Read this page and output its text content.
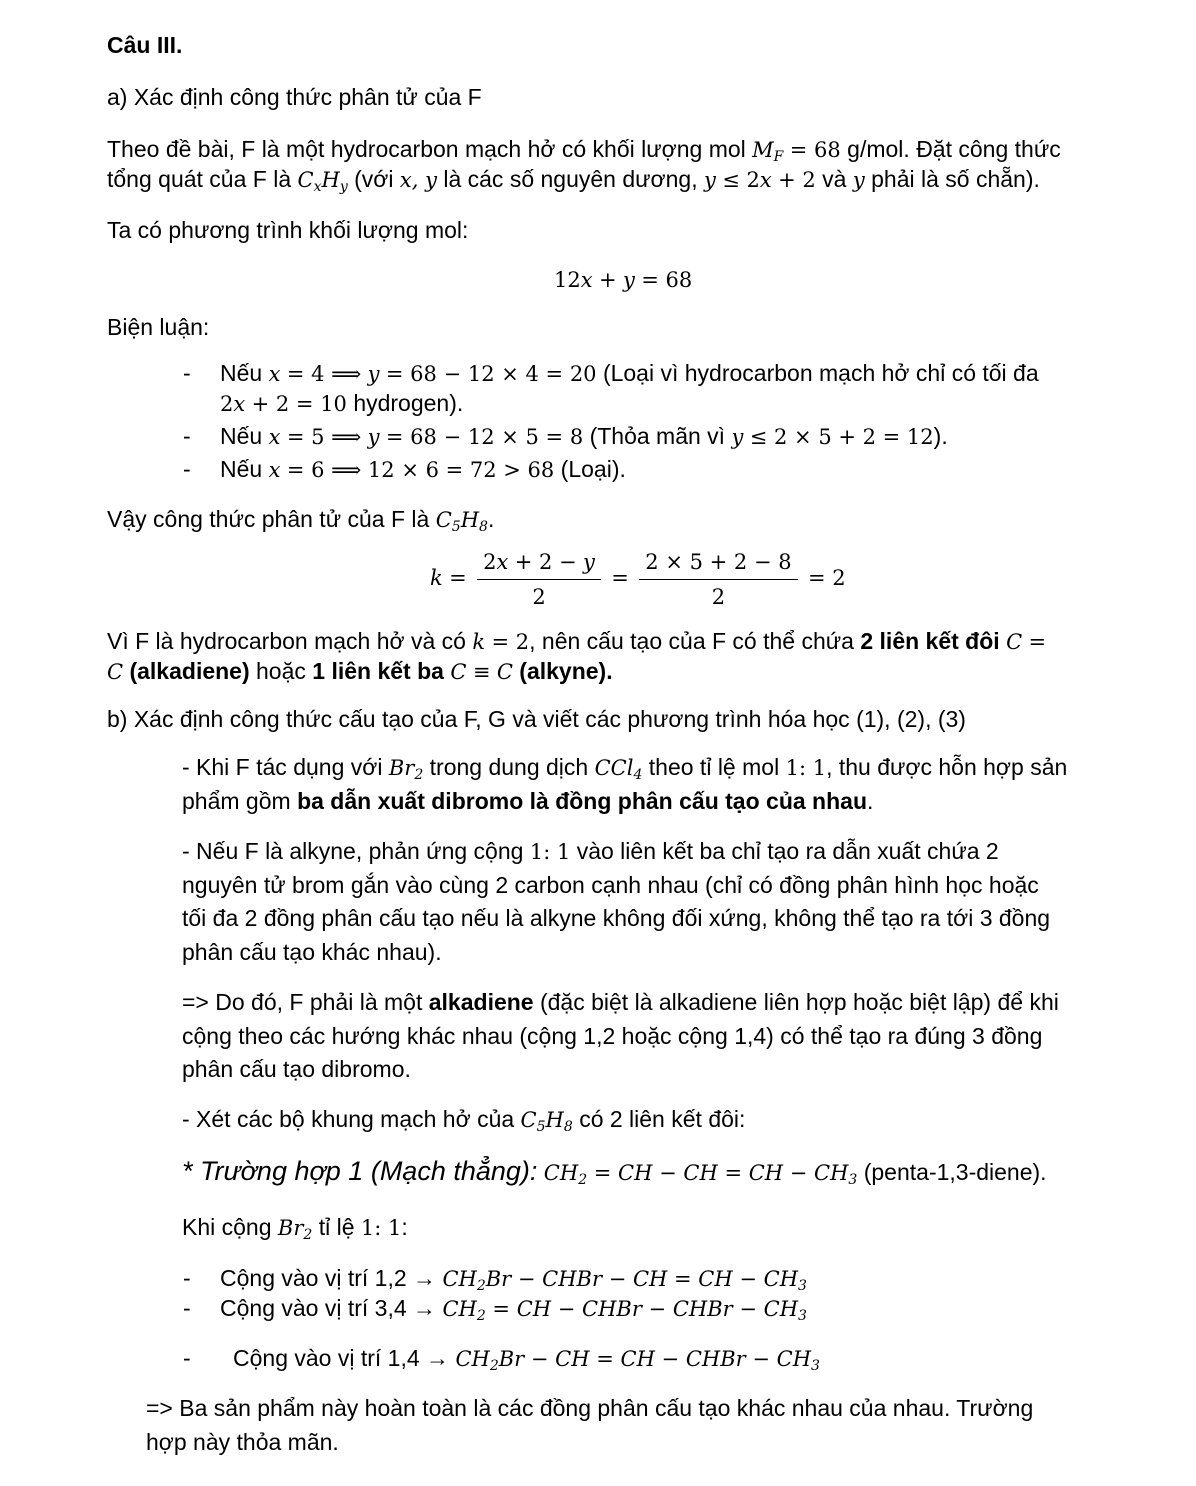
Câu III.
a) Xác định công thức phân tử của F
Theo đề bài, F là một hydrocarbon mạch hở có khối lượng mol $M_F = 68$ g/mol. Đặt công thức
tổng quát của F là $C_xH_y$ (với x, y là các số nguyên dương, y ≤ 2x + 2 và y phải là số chẵn).
Ta có phương trình khối lượng mol:
12x + y = 68
Biện luận:
- Nếu x = 4 ⟹ y = 68 − 12 × 4 = 20 (Loại vì hydrocarbon mạch hở chỉ có tối đa
2x + 2 = 10 hydrogen).
- Nếu x = 5 ⟹ y = 68 − 12 × 5 = 8 (Thỏa mãn vì y ≤ 2 × 5 + 2 = 12).
- Nếu x = 6 ⟹ 12 × 6 = 72 > 68 (Loại).
Vậy công thức phân tử của F là $C_5H_8$.
$k = \frac{2x + 2 - y}{2} = \frac{2 \times 5 + 2 - 8}{2} = 2$
Vì F là hydrocarbon mạch hở và có k = 2, nên cấu tạo của F có thể chứa 2 liên kết đôi C =
C (alkadiene) hoặc 1 liên kết ba C ≡ C (alkyne).
b) Xác định công thức cấu tạo của F, G và viết các phương trình hóa học (1), (2), (3)
- Khi F tác dụng với $Br_2$ trong dung dịch CCl$_4$ theo tỉ lệ mol 1: 1, thu được hỗn hợp sản
phẩm gồm ba dẫn xuất dibromo là đồng phân cấu tạo của nhau.
- Nếu F là alkyne, phản ứng cộng 1: 1 vào liên kết ba chỉ tạo ra dẫn xuất chứa 2
nguyên tử brom gắn vào cùng 2 carbon cạnh nhau (chỉ có đồng phân hình học hoặc
tối đa 2 đồng phân cấu tạo nếu là alkyne không đối xứng, không thể tạo ra tới 3 đồng
phân cấu tạo khác nhau).
=> Do đó, F phải là một alkadiene (đặc biệt là alkadiene liên hợp hoặc biệt lập) để khi
cộng theo các hướng khác nhau (cộng 1,2 hoặc cộng 1,4) có thể tạo ra đúng 3 đồng
phân cấu tạo dibromo.
- Xét các bộ khung mạch hở của $C_5H_8$ có 2 liên kết đôi:
* Trường hợp 1 (Mạch thẳng): $CH_2$ = CH − CH = CH − $CH_3$ (penta-1,3-diene).
Khi cộng $Br_2$ tỉ lệ 1: 1:
- Cộng vào vị trí $1,2 \to CH_2Br$ − CHBr − CH = CH − $CH_3$
- Cộng vào vị trí $3,4 \to CH_2$ = CH − CHBr − CHBr − $CH_3$
- Cộng vào vị trí $1,4 \to CH_2Br$ − CH = CH − CHBr − $CH_3$
=> Ba sản phẩm này hoàn toàn là các đồng phân cấu tạo khác nhau của nhau. Trường
hợp này thỏa mãn.
